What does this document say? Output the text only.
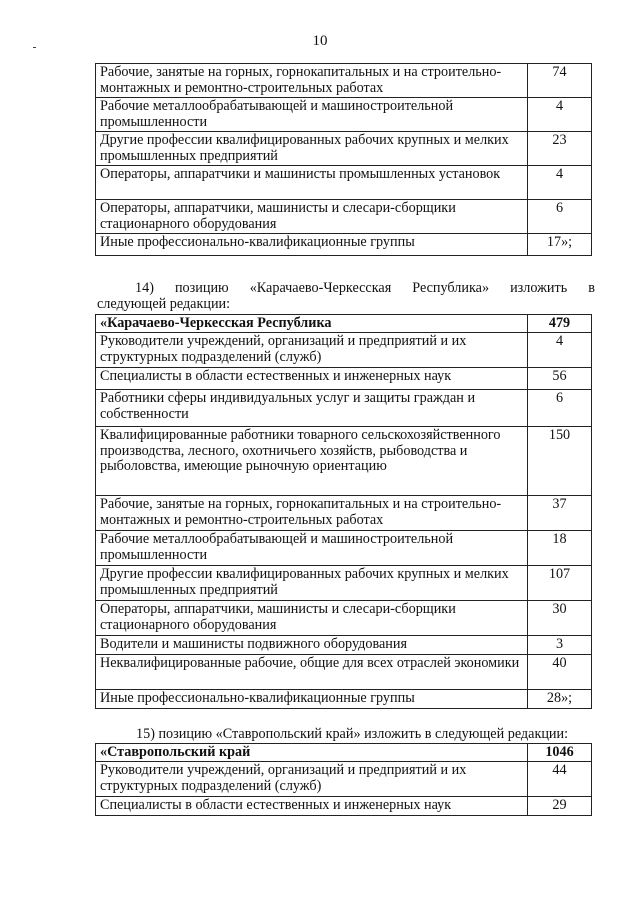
10
Рабочие, занятые на горных, горнокапитальных и на строительно-монтажных и ремонтно-строительных работах	74
Рабочие металлообрабатывающей и машиностроительной промышленности	4
Другие профессии квалифицированных рабочих крупных и мелких промышленных предприятий	23
Операторы, аппаратчики и машинисты промышленных установок	4
Операторы, аппаратчики, машинисты и слесари-сборщики стационарного оборудования	6
Иные профессионально-квалификационные группы	17»;
14) позицию «Карачаево-Черкесская Республика» изложить в
следующей редакции:
«Карачаево-Черкесская Республика	479
Руководители учреждений, организаций и предприятий и их структурных подразделений (служб)	4
Специалисты в области естественных и инженерных наук	56
Работники сферы индивидуальных услуг и защиты граждан и собственности	6
Квалифицированные работники товарного сельскохозяйственного производства, лесного, охотничьего хозяйств, рыбоводства и рыболовства, имеющие рыночную ориентацию	150
Рабочие, занятые на горных, горнокапитальных и на строительно-монтажных и ремонтно-строительных работах	37
Рабочие металлообрабатывающей и машиностроительной промышленности	18
Другие профессии квалифицированных рабочих крупных и мелких промышленных предприятий	107
Операторы, аппаратчики, машинисты и слесари-сборщики стационарного оборудования	30
Водители и машинисты подвижного оборудования	3
Неквалифицированные рабочие, общие для всех отраслей экономики	40
Иные профессионально-квалификационные группы	28»;
15) позицию «Ставропольский край» изложить в следующей редакции:
«Ставропольский край	1046
Руководители учреждений, организаций и предприятий и их структурных подразделений (служб)	44
Специалисты в области естественных и инженерных наук	29
